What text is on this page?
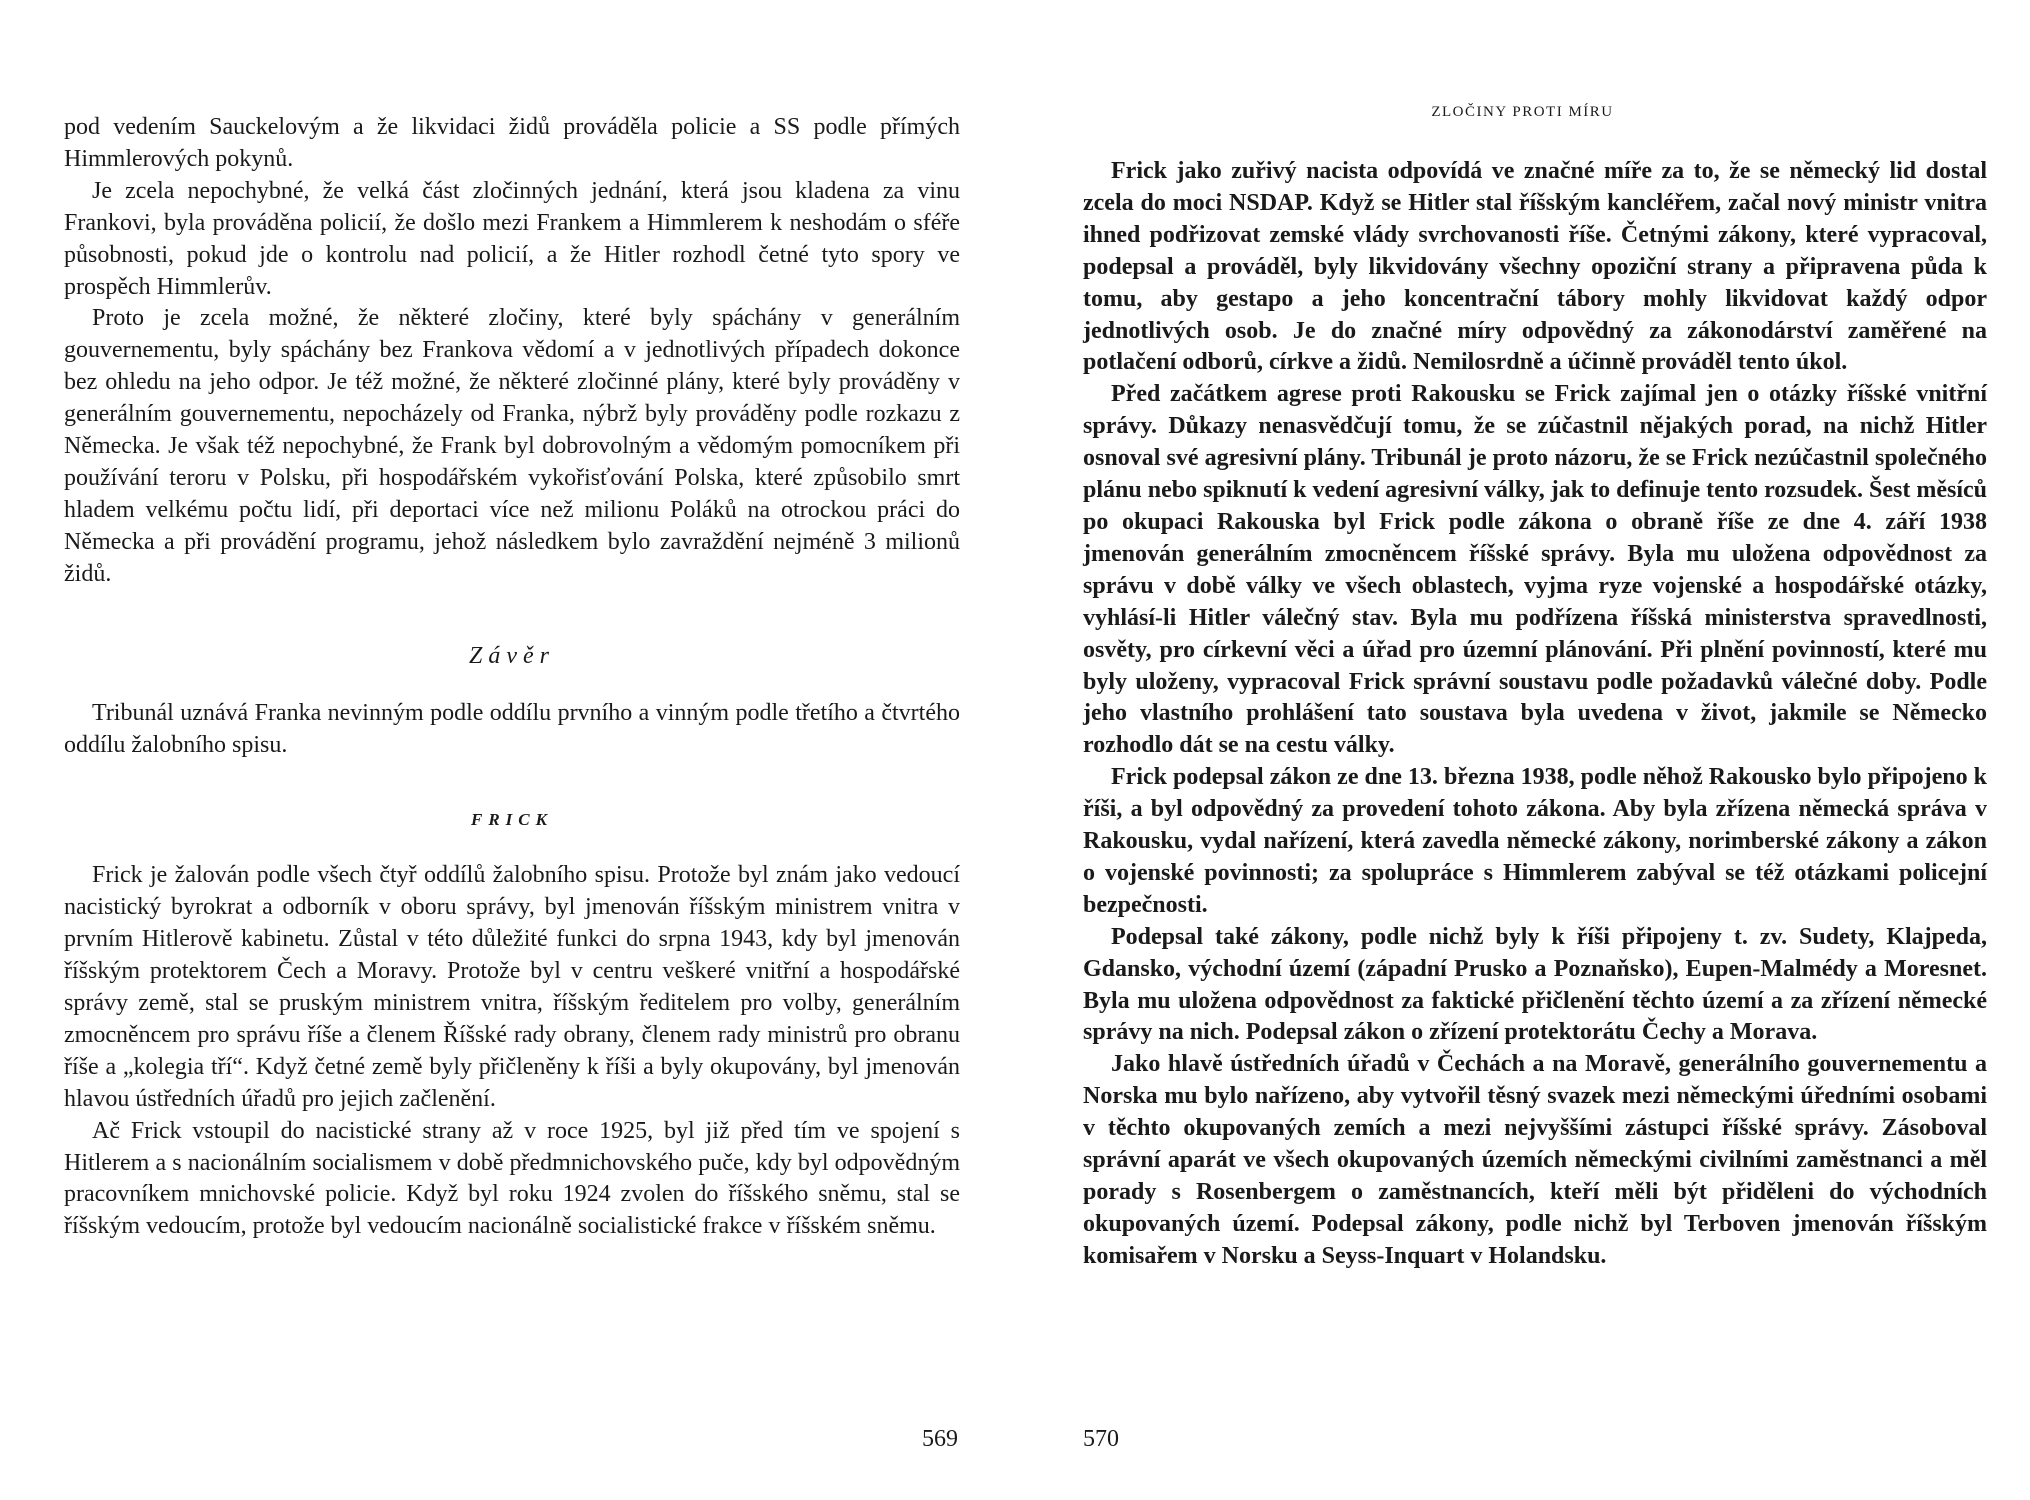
pod vedením Sauckelovým a že likvidaci židů prováděla policie a SS podle přímých Himmlerových pokynů.

Je zcela nepochybné, že velká část zločinných jednání, která jsou kladena za vinu Frankovi, byla prováděna policií, že došlo mezi Frankem a Himmlerem k neshodám o sféře působnosti, pokud jde o kontrolu nad policií, a že Hitler rozhodl četné tyto spory ve prospěch Himmlerův.

Proto je zcela možné, že některé zločiny, které byly spáchány v generálním gouvernementu, byly spáchány bez Frankova vědomí a v jednotlivých případech dokonce bez ohledu na jeho odpor. Je též možné, že některé zločinné plány, které byly prováděny v generálním gouvernementu, nepocházely od Franka, nýbrž byly prováděny podle rozkazu z Německa. Je však též nepochybné, že Frank byl dobrovolným a vědomým pomocníkem při používání teroru v Polsku, při hospodářském vykořisťování Polska, které způsobilo smrt hladem velkému počtu lidí, při deportaci více než milionu Poláků na otrockou práci do Německa a při provádění programu, jehož následkem bylo zavraždění nejméně 3 milionů židů.

Závěr

Tribunál uznává Franka nevinným podle oddílu prvního a vinným podle třetího a čtvrtého oddílu žalobního spisu.

FRICK

Frick je žalován podle všech čtyř oddílů žalobního spisu. Protože byl znám jako vedoucí nacistický byrokrat a odborník v oboru správy, byl jmenován říšským ministrem vnitra v prvním Hitlerově kabinetu. Zůstal v této důležité funkci do srpna 1943, kdy byl jmenován říšským protektorem Čech a Moravy. Protože byl v centru veškeré vnitřní a hospodářské správy země, stal se pruským ministrem vnitra, říšským ředitelem pro volby, generálním zmocněncem pro správu říše a členem Říšské rady obrany, členem rady ministrů pro obranu říše a „kolegia tří“. Když četné země byly přičleněny k říši a byly okupovány, byl jmenován hlavou ústředních úřadů pro jejich začlenění.

Ač Frick vstoupil do nacistické strany až v roce 1925, byl již před tím ve spojení s Hitlerem a s nacionálním socialismem v době předmnichovského puče, kdy byl odpovědným pracovníkem mnichovské policie. Když byl roku 1924 zvolen do říšského sněmu, stal se říšským vedoucím, protože byl vedoucím nacionálně socialistické frakce v říšském sněmu.

569
ZLOČINY PROTI MÍRU

Frick jako zuřivý nacista odpovídá ve značné míře za to, že se německý lid dostal zcela do moci NSDAP. Když se Hitler stal říšským kancléřem, začal nový ministr vnitra ihned podřizovat zemské vlády svrchovanosti říše. Četnými zákony, které vypracoval, podepsal a prováděl, byly likvidovány všechny opoziční strany a připravena půda k tomu, aby gestapo a jeho koncentrační tábory mohly likvidovat každý odpor jednotlivých osob. Je do značné míry odpovědný za zákonodárství zaměřené na potlačení odborů, církve a židů. Nemilosrdně a účinně prováděl tento úkol.

Před začátkem agrese proti Rakousku se Frick zajímal jen o otázky říšské vnitřní správy. Důkazy nenasvědčují tomu, že se zúčastnil nějakých porad, na nichž Hitler osnoval své agresivní plány. Tribunál je proto názoru, že se Frick nezúčastnil společného plánu nebo spiknutí k vedení agresivní války, jak to definuje tento rozsudek. Šest měsíců po okupaci Rakouska byl Frick podle zákona o obraně říše ze dne 4. září 1938 jmenován generálním zmocněncem říšské správy. Byla mu uložena odpovědnost za správu v době války ve všech oblastech, vyjma ryze vojenské a hospodářské otázky, vyhlásí-li Hitler válečný stav. Byla mu podřízena říšská ministerstva spravedlnosti, osvěty, pro církevní věci a úřad pro územní plánování. Při plnění povinností, které mu byly uloženy, vypracoval Frick správní soustavu podle požadavků válečné doby. Podle jeho vlastního prohlášení tato soustava byla uvedena v život, jakmile se Německo rozhodlo dát se na cestu války.

Frick podepsal zákon ze dne 13. března 1938, podle něhož Rakousko bylo připojeno k říši, a byl odpovědný za provedení tohoto zákona. Aby byla zřízena německá správa v Rakousku, vydal nařízení, která zavedla německé zákony, norimberské zákony a zákon o vojenské povinnosti; za spolupráce s Himmlerem zabýval se též otázkami policejní bezpečnosti.

Podepsal také zákony, podle nichž byly k říši připojeny t. zv. Sudety, Klajpeda, Gdansko, východní území (západní Prusko a Poznaňsko), Eupen-Malmédy a Moresnet. Byla mu uložena odpovědnost za faktické přičlenění těchto území a za zřízení německé správy na nich. Podepsal zákon o zřízení protektorátu Čechy a Morava.

Jako hlavě ústředních úřadů v Čechách a na Moravě, generálního gouvernementu a Norska mu bylo nařízeno, aby vytvořil těsný svazek mezi německými úředními osobami v těchto okupovaných zemích a mezi nejvyššími zástupci říšské správy. Zásoboval správní aparát ve všech okupovaných územích německými civilními zaměstnanci a měl porady s Rosenbergem o zaměstnancích, kteří měli být přiděleni do východních okupovaných území. Podepsal zákony, podle nichž byl Terboven jmenován říšským komisařem v Norsku a Seyss-Inquart v Holandsku.

570
